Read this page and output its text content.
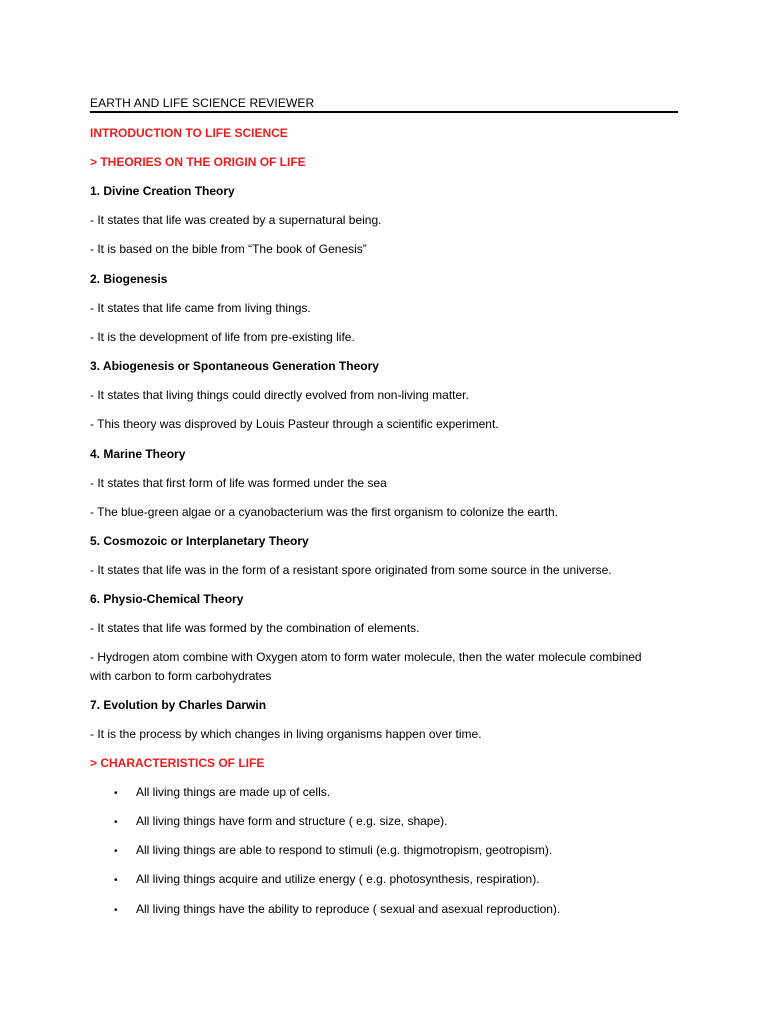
EARTH AND LIFE SCIENCE REVIEWER
INTRODUCTION TO LIFE SCIENCE
> THEORIES ON THE ORIGIN OF LIFE
1. Divine Creation Theory
- It states that life was created by a supernatural being.
- It is based on the bible from “The book of Genesis”
2. Biogenesis
- It states that life came from living things.
- It is the development of life from pre-existing life.
3. Abiogenesis or Spontaneous Generation Theory
- It states that living things could directly evolved from non-living matter.
- This theory was disproved by Louis Pasteur through a scientific experiment.
4. Marine Theory
- It states that first form of life was formed under the sea
- The blue-green algae or a cyanobacterium was the first organism to colonize the earth.
5. Cosmozoic or Interplanetary Theory
- It states that life was in the form of a resistant spore originated from some source in the universe.
6. Physio-Chemical Theory
- It states that life was formed by the combination of elements.
- Hydrogen atom combine with Oxygen atom to form water molecule, then the water molecule combined with carbon to form carbohydrates
7. Evolution by Charles Darwin
- It is the process by which changes in living organisms happen over time.
> CHARACTERISTICS OF LIFE
• All living things are made up of cells.
• All living things have form and structure ( e.g. size, shape).
• All living things are able to respond to stimuli (e.g. thigmotropism, geotropism).
• All living things acquire and utilize energy ( e.g. photosynthesis, respiration).
• All living things have the ability to reproduce ( sexual and asexual reproduction).
